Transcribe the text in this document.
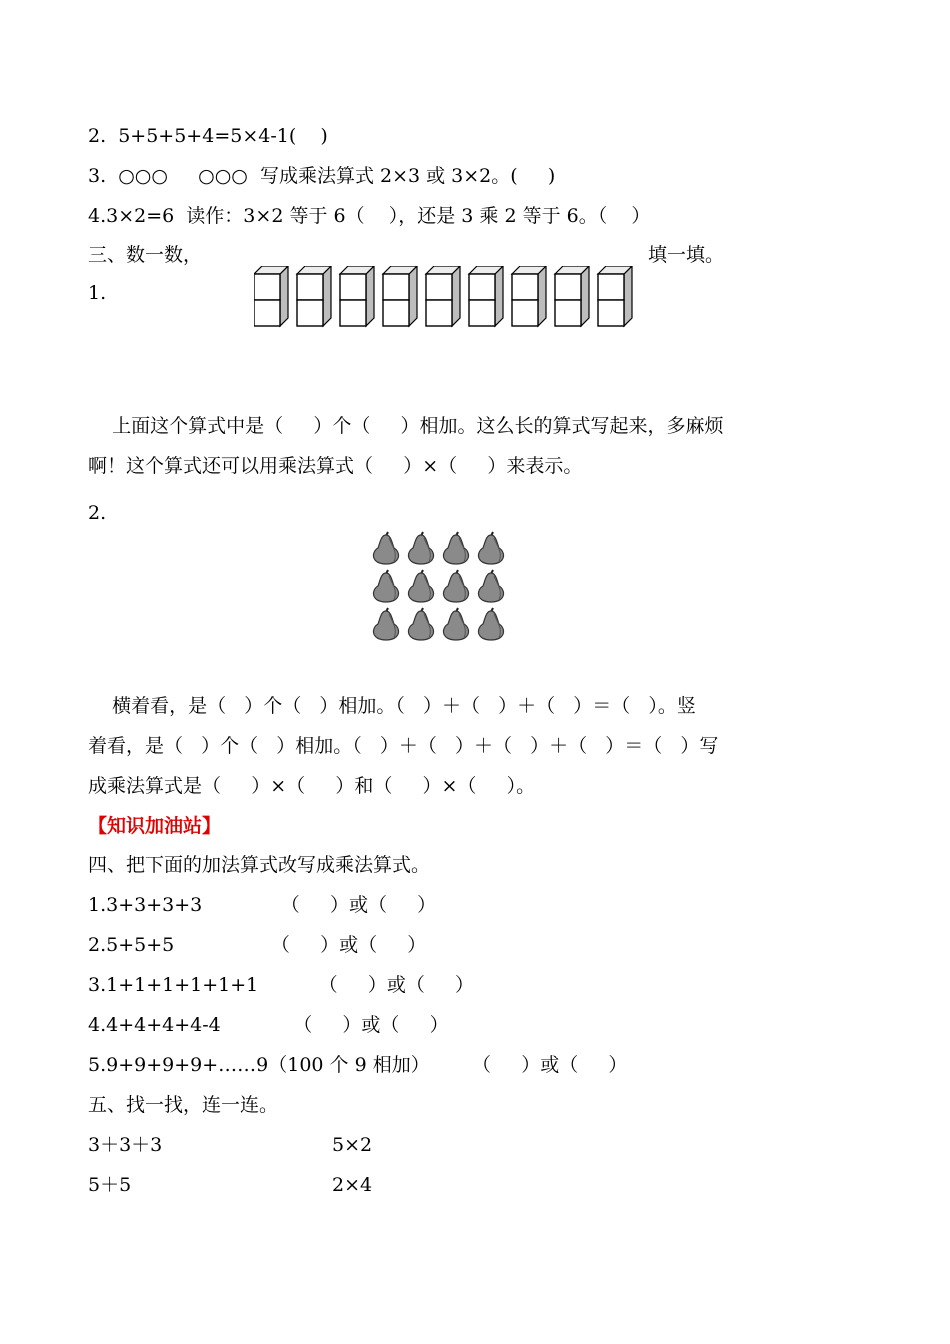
2.  5+5+5+4=5×4-1(    )
3.  ○○○     ○○○  写成乘法算式 2×3 或 3×2。(     )
4.3×2=6  读作：3×2 等于 6（    ），还是 3 乘 2 等于 6。（    ）
三、数一数，	填一填。
1.
上面这个算式中是（     ）个（     ）相加。这么长的算式写起来，多麻烦
啊！这个算式还可以用乘法算式（     ）×（     ）来表示。
2.
横着看，是（   ）个（   ）相加。（   ）＋（   ）＋（   ）＝（   ）。竖
着看，是（   ）个（   ）相加。（   ）＋（   ）＋（   ）＋（   ）＝（   ）写
成乘法算式是（     ）×（     ）和（     ）×（     ）。
【知识加油站】
四、把下面的加法算式改写成乘法算式。
1.3+3+3+3             （     ）或（     ）
2.5+5+5                （     ）或（     ）
3.1+1+1+1+1+1          （     ）或（     ）
4.4+4+4+4-4            （     ）或（     ）
5.9+9+9+9+……9（100 个 9 相加）       （     ）或（     ）
五、找一找，连一连。
3＋3＋3	5×2
5＋5	2×4
